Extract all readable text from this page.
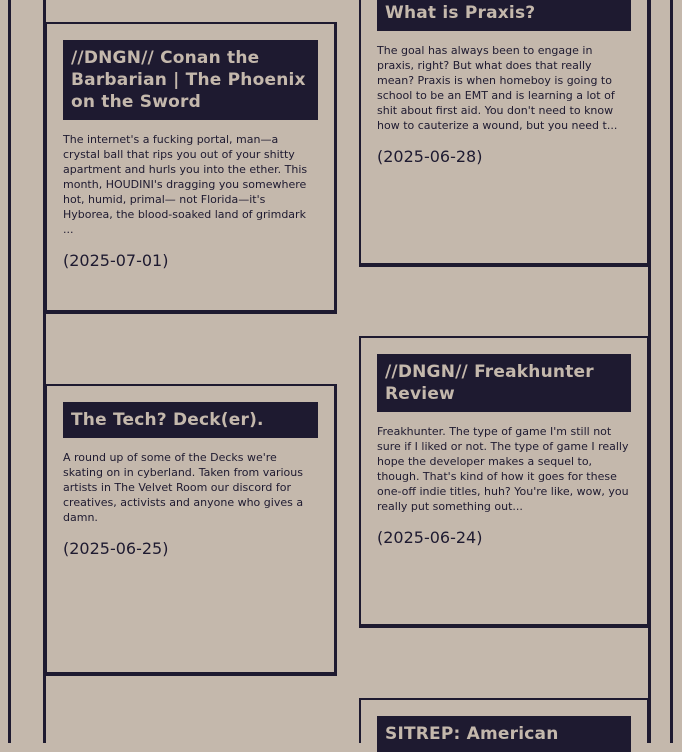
What is Praxis?

The goal has always been to engage in praxis, right? But what does that really mean? Praxis is when homeboy is going to school to be an EMT and is learning a lot of shit about first aid. You don't need to know how to cauterize a wound, but you need t...

(2025-06-28)

//DNGN// Conan the Barbarian | The Phoenix on the Sword

The internet's a fucking portal, man—a crystal ball that rips you out of your shitty apartment and hurls you into the ether. This month, HOUDINI's dragging you somewhere hot, humid, primal— not Florida—it's Hyborea, the blood-soaked land of grimdark ...

(2025-07-01)

//DNGN// Freakhunter Review

Freakhunter. The type of game I'm still not sure if I liked or not. The type of game I really hope the developer makes a sequel to, though. That's kind of how it goes for these one-off indie titles, huh? You're like, wow, you really put something out...

(2025-06-24)

The Tech? Deck(er).

A round up of some of the Decks we're skating on in cyberland. Taken from various artists in The Velvet Room our discord for creatives, activists and anyone who gives a damn.

(2025-06-25)

SITREP: American
